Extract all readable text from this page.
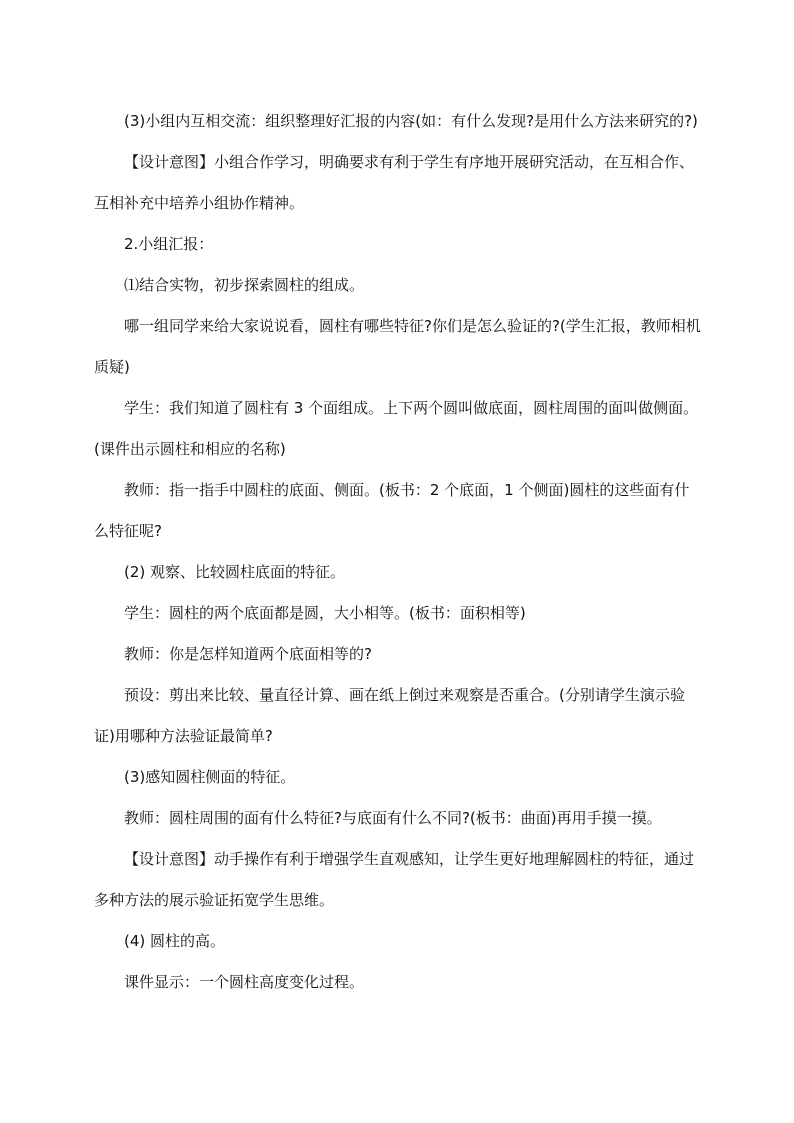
(3)小组内互相交流：组织整理好汇报的内容(如：有什么发现?是用什么方法来研究的?)

【设计意图】小组合作学习，明确要求有利于学生有序地开展研究活动，在互相合作、互相补充中培养小组协作精神。

2.小组汇报：

⑴结合实物，初步探索圆柱的组成。

哪一组同学来给大家说说看，圆柱有哪些特征?你们是怎么验证的?(学生汇报，教师相机质疑)

学生：我们知道了圆柱有 3 个面组成。上下两个圆叫做底面，圆柱周围的面叫做侧面。(课件出示圆柱和相应的名称)

教师：指一指手中圆柱的底面、侧面。(板书：2 个底面，1 个侧面)圆柱的这些面有什么特征呢?

(2) 观察、比较圆柱底面的特征。

学生：圆柱的两个底面都是圆，大小相等。(板书：面积相等)

教师：你是怎样知道两个底面相等的?

预设：剪出来比较、量直径计算、画在纸上倒过来观察是否重合。(分别请学生演示验证)用哪种方法验证最简单?

(3)感知圆柱侧面的特征。

教师：圆柱周围的面有什么特征?与底面有什么不同?(板书：曲面)再用手摸一摸。

【设计意图】动手操作有利于增强学生直观感知，让学生更好地理解圆柱的特征，通过多种方法的展示验证拓宽学生思维。

(4) 圆柱的高。

课件显示：一个圆柱高度变化过程。
